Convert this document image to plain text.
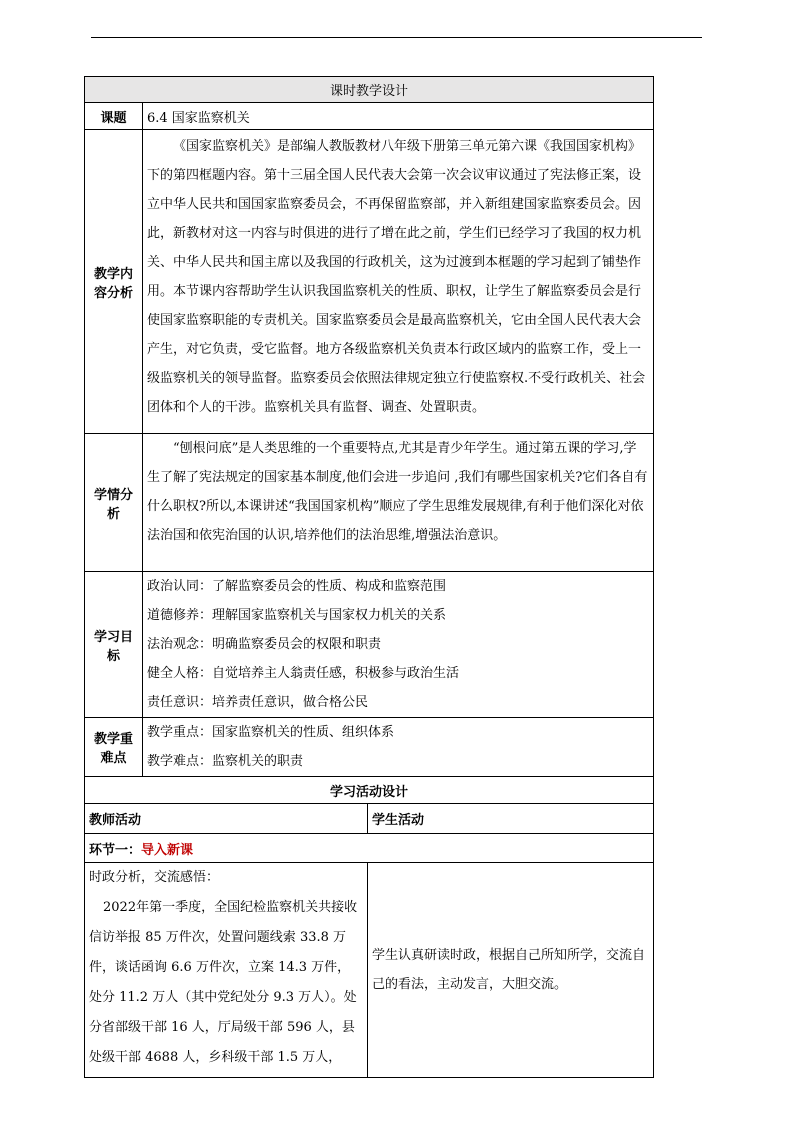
课时教学设计		
课题	6.4 国家监察机关	
教学内容分析	《国家监察机关》是部编人教版教材八年级下册第三单元第六课《我国国家机构》下的第四框题内容。第十三届全国人民代表大会第一次会议审议通过了宪法修正案，设立中华人民共和国国家监察委员会，不再保留监察部，并入新组建国家监察委员会。因此，新教材对这一内容与时俱进的进行了增在此之前，学生们已经学习了我国的权力机关、中华人民共和国主席以及我国的行政机关，这为过渡到本框题的学习起到了铺垫作用。本节课内容帮助学生认识我国监察机关的性质、职权，让学生了解监察委员会是行使国家监察职能的专责机关。国家监察委员会是最高监察机关，它由全国人民代表大会产生，对它负责，受它监督。地方各级监察机关负责本行政区域内的监察工作，受上一级监察机关的领导监督。监察委员会依照法律规定独立行使监察权.不受行政机关、社会团体和个人的干涉。监察机关具有监督、调查、处置职责。	
学情分析	“刨根问底”是人类思维的一个重要特点,尤其是青少年学生。通过第五课的学习,学生了解了宪法规定的国家基本制度,他们会进一步追问 ,我们有哪些国家机关?它们各自有什么职权?所以,本课讲述“我国国家机构”顺应了学生思维发展规律,有利于他们深化对依法治国和依宪治国的认识,培养他们的法治思维,增强法治意识。	
学习目标	政治认同：了解监察委员会的性质、构成和监察范围

道德修养：理解国家监察机关与国家权力机关的关系

法治观念：明确监察委员会的权限和职责

健全人格：自觉培养主人翁责任感，积极参与政治生活

责任意识：培养责任意识，做合格公民	

教学重难点	教学重点：国家监察机关的性质、组织体系

教学难点：监察机关的职责	

学习活动设计		
教师活动		学生活动
环节一：导入新课		

时政分析，交流感悟：

2022年第一季度，全国纪检监察机关共接收信访举报 85 万件次，处置问题线索 33.8 万件，谈话函询 6.6 万件次，立案 14.3 万件，处分 11.2 万人（其中党纪处分 9.3 万人）。处分省部级干部 16 人，厅局级干部 596 人，县处级干部 4688 人，乡科级干部 1.5 万人，		学生认真研读时政，根据自己所知所学，交流自己的看法，主动发言，大胆交流。
